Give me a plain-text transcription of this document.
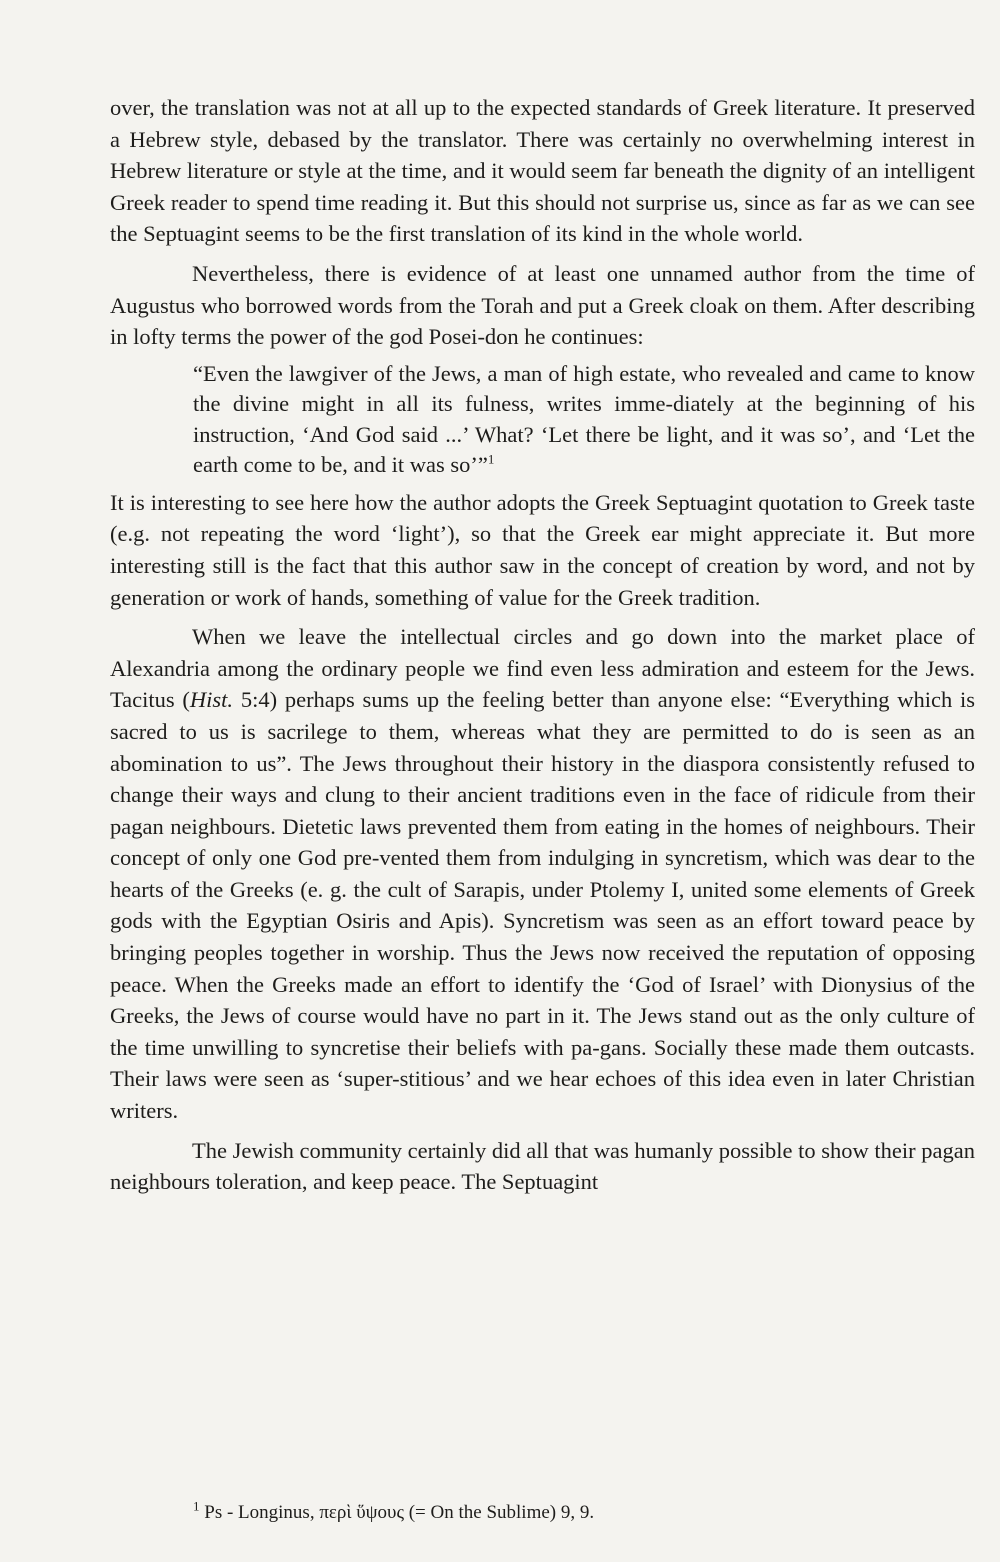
over, the translation was not at all up to the expected standards of Greek literature. It preserved a Hebrew style, debased by the translator. There was certainly no overwhelming interest in Hebrew literature or style at the time, and it would seem far beneath the dignity of an intelligent Greek reader to spend time reading it. But this should not surprise us, since as far as we can see the Septuagint seems to be the first translation of its kind in the whole world.

Nevertheless, there is evidence of at least one unnamed author from the time of Augustus who borrowed words from the Torah and put a Greek cloak on them. After describing in lofty terms the power of the god Posei-don he continues:

“Even the lawgiver of the Jews, a man of high estate, who revealed and came to know the divine might in all its fulness, writes imme-diately at the beginning of his instruction, ‘And God said ...’ What? ‘Let there be light, and it was so’, and ‘Let the earth come to be, and it was so’”$^1$

It is interesting to see here how the author adopts the Greek Septuagint quotation to Greek taste (e.g. not repeating the word ‘light’), so that the Greek ear might appreciate it. But more interesting still is the fact that this author saw in the concept of creation by word, and not by generation or work of hands, something of value for the Greek tradition.

When we leave the intellectual circles and go down into the market place of Alexandria among the ordinary people we find even less admiration and esteem for the Jews. Tacitus (Hist. 5:4) perhaps sums up the feeling better than anyone else: “Everything which is sacred to us is sacrilege to them, whereas what they are permitted to do is seen as an abomination to us”. The Jews throughout their history in the diaspora consistently refused to change their ways and clung to their ancient traditions even in the face of ridicule from their pagan neighbours. Dietetic laws prevented them from eating in the homes of neighbours. Their concept of only one God pre-vented them from indulging in syncretism, which was dear to the hearts of the Greeks (e. g. the cult of Sarapis, under Ptolemy I, united some elements of Greek gods with the Egyptian Osiris and Apis). Syncretism was seen as an effort toward peace by bringing peoples together in worship. Thus the Jews now received the reputation of opposing peace. When the Greeks made an effort to identify the ‘God of Israel’ with Dionysius of the Greeks, the Jews of course would have no part in it. The Jews stand out as the only culture of the time unwilling to syncretise their beliefs with pa-gans. Socially these made them outcasts. Their laws were seen as ‘super-stitious’ and we hear echoes of this idea even in later Christian writers.

The Jewish community certainly did all that was humanly possible to show their pagan neighbours toleration, and keep peace. The Septuagint

$^1$ Ps - Longinus, περὶ ὕψους (= On the Sublime) 9, 9.
